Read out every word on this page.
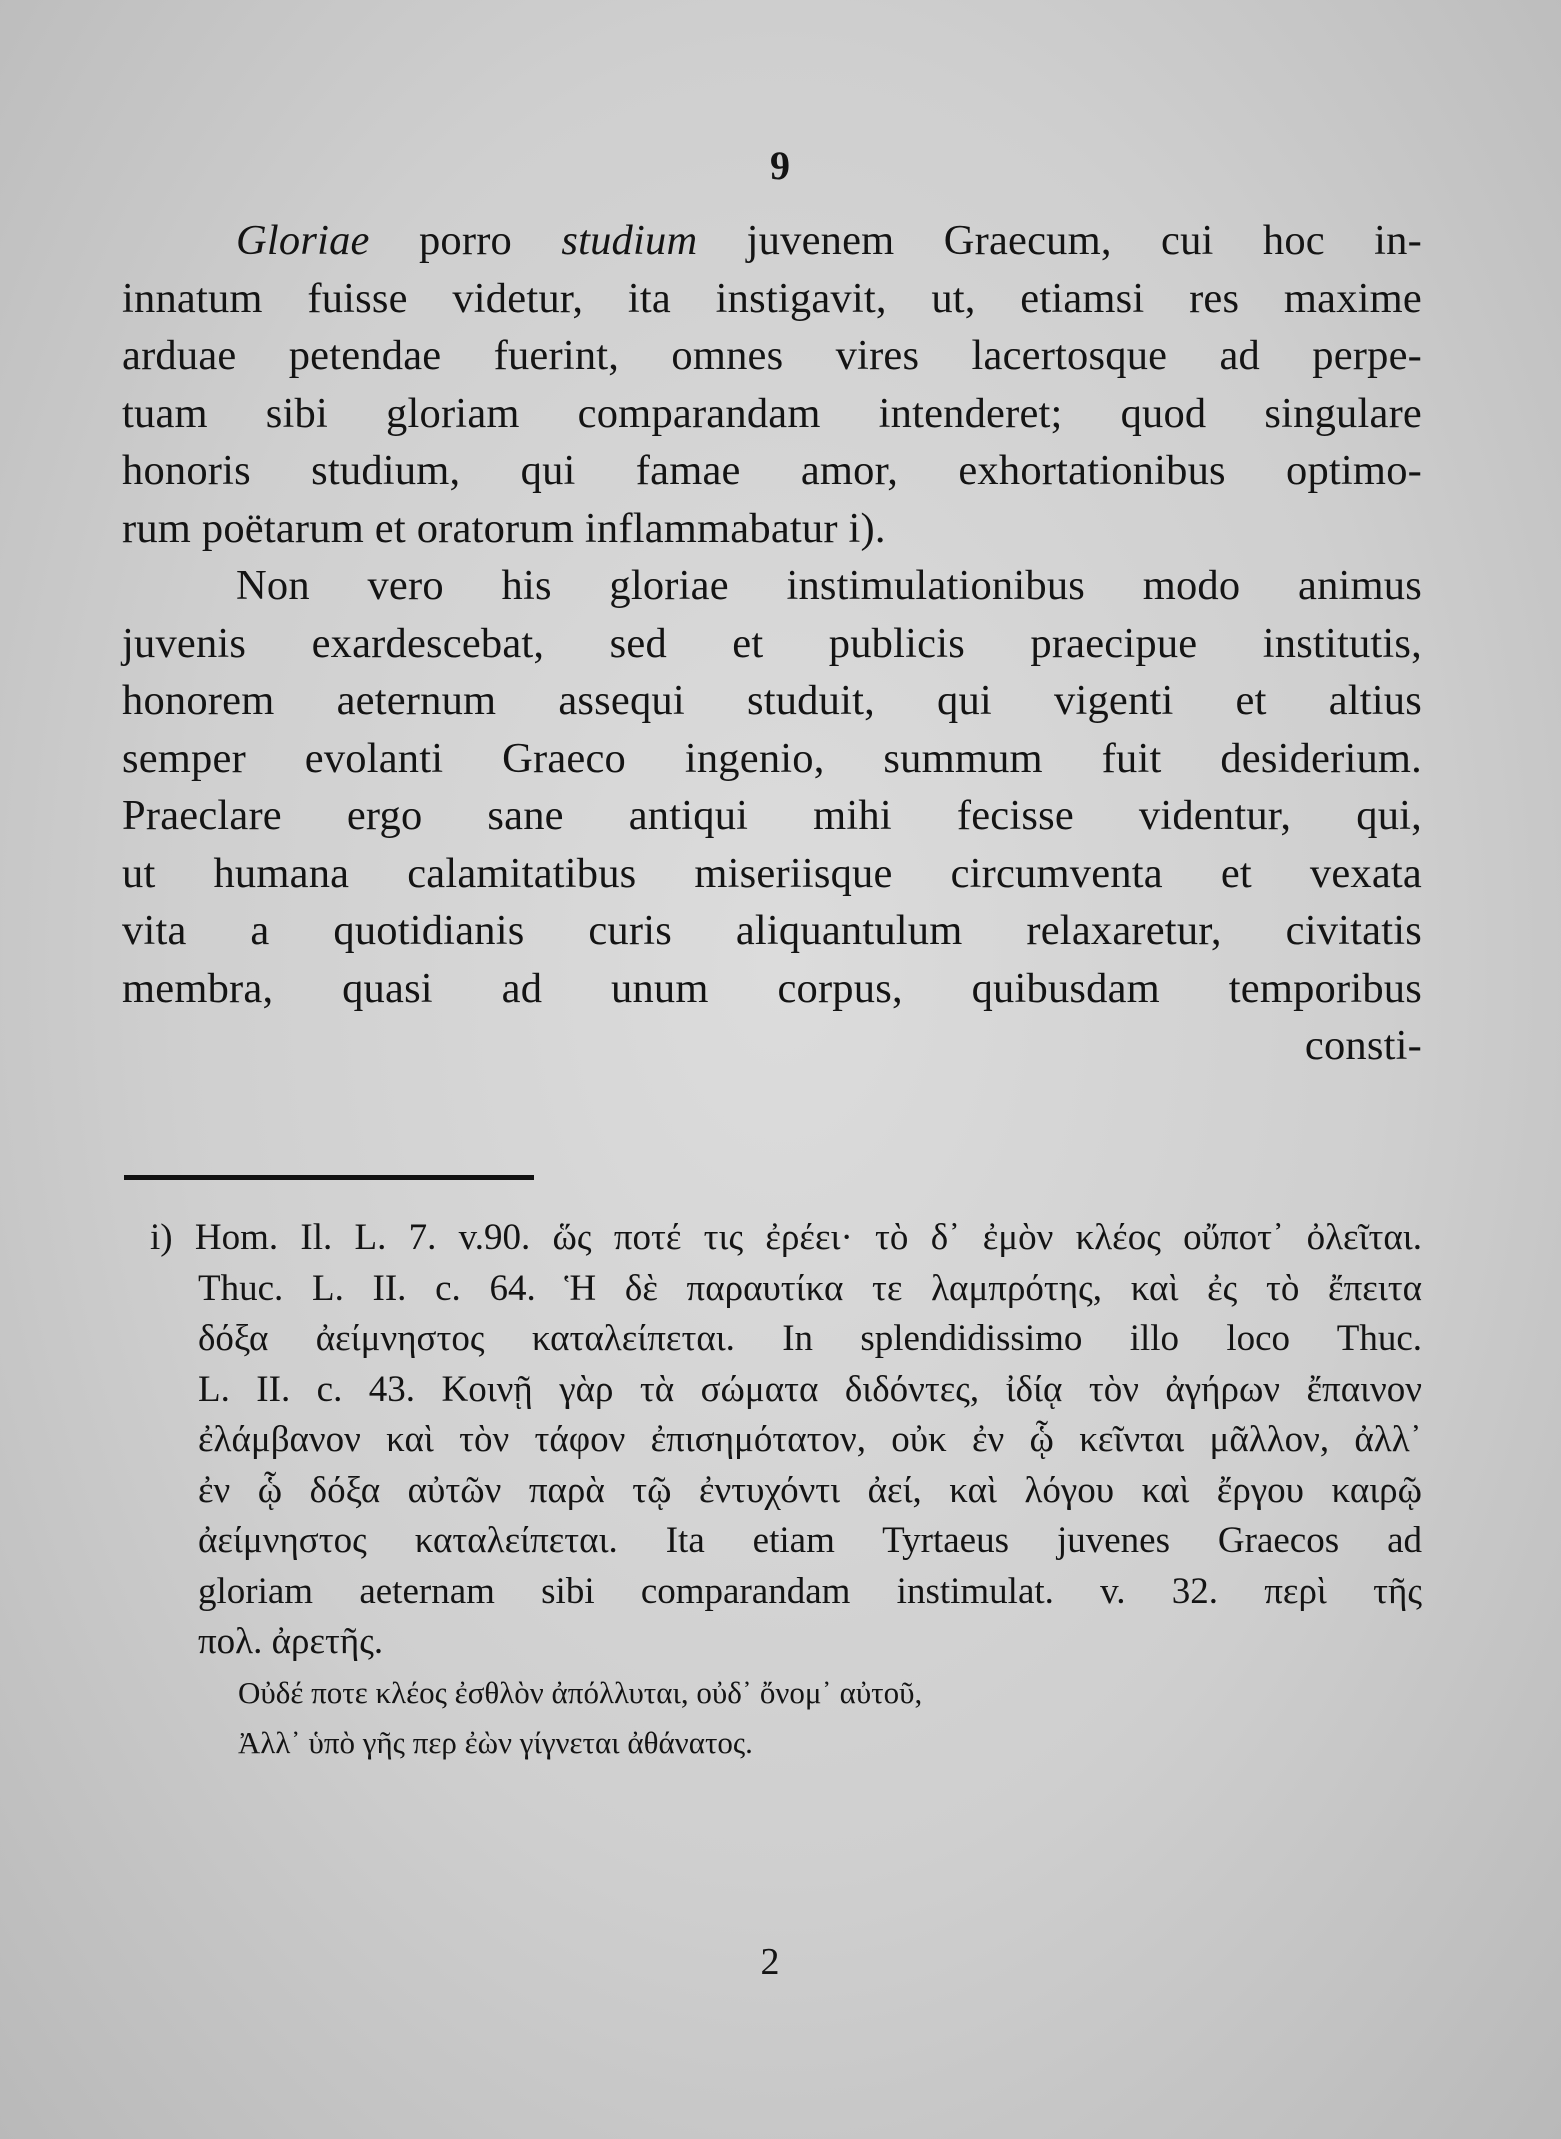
9
Gloriae porro studium juvenem Graecum, cui hoc in-
innatum fuisse videtur, ita instigavit, ut, etiamsi res maxime
arduae petendae fuerint, omnes vires lacertosque ad perpe-
tuam sibi gloriam comparandam intenderet; quod singulare
honoris studium, qui famae amor, exhortationibus optimo-
rum poëtarum et oratorum inflammabatur i).
Non vero his gloriae instimulationibus modo animus
juvenis exardescebat, sed et publicis praecipue institutis,
honorem aeternum assequi studuit, qui vigenti et altius
semper evolanti Graeco ingenio, summum fuit desiderium.
Praeclare ergo sane antiqui mihi fecisse videntur, qui,
ut humana calamitatibus miseriisque circumventa et vexata
vita a quotidianis curis aliquantulum relaxaretur, civitatis
membra, quasi ad unum corpus, quibusdam temporibus
consti-
i) Hom. Il. L. 7. v.90. ὥς ποτέ τις ἐρέει· τὸ δ᾽ ἐμὸν κλέος οὔποτ᾽ ὀλεῖται.
Thuc. L. II. c. 64. Ἡ δὲ παραυτίκα τε λαμπρότης, καὶ ἐς τὸ ἔπειτα
δόξα ἀείμνηστος καταλείπεται. In splendidissimo illo loco Thuc.
L. II. c. 43. Κοινῇ γὰρ τὰ σώματα διδόντες, ἰδίᾳ τὸν ἀγήρων ἔπαινον
ἐλάμβανον καὶ τὸν τάφον ἐπισημότατον, οὐκ ἐν ᾧ κεῖνται μᾶλλον, ἀλλ᾽
ἐν ᾧ δόξα αὐτῶν παρὰ τῷ ἐντυχόντι ἀεί, καὶ λόγου καὶ ἔργου καιρῷ
ἀείμνηστος καταλείπεται. Ita etiam Tyrtaeus juvenes Graecos ad
gloriam aeternam sibi comparandam instimulat. v. 32. περὶ τῆς
πολ. ἀρετῆς.
Οὐδέ ποτε κλέος ἐσθλὸν ἀπόλλυται, οὐδ᾽ ὄνομ᾽ αὐτοῦ,
Ἀλλ᾽ ὑπὸ γῆς περ ἐὼν γίγνεται ἀθάνατος.
2
